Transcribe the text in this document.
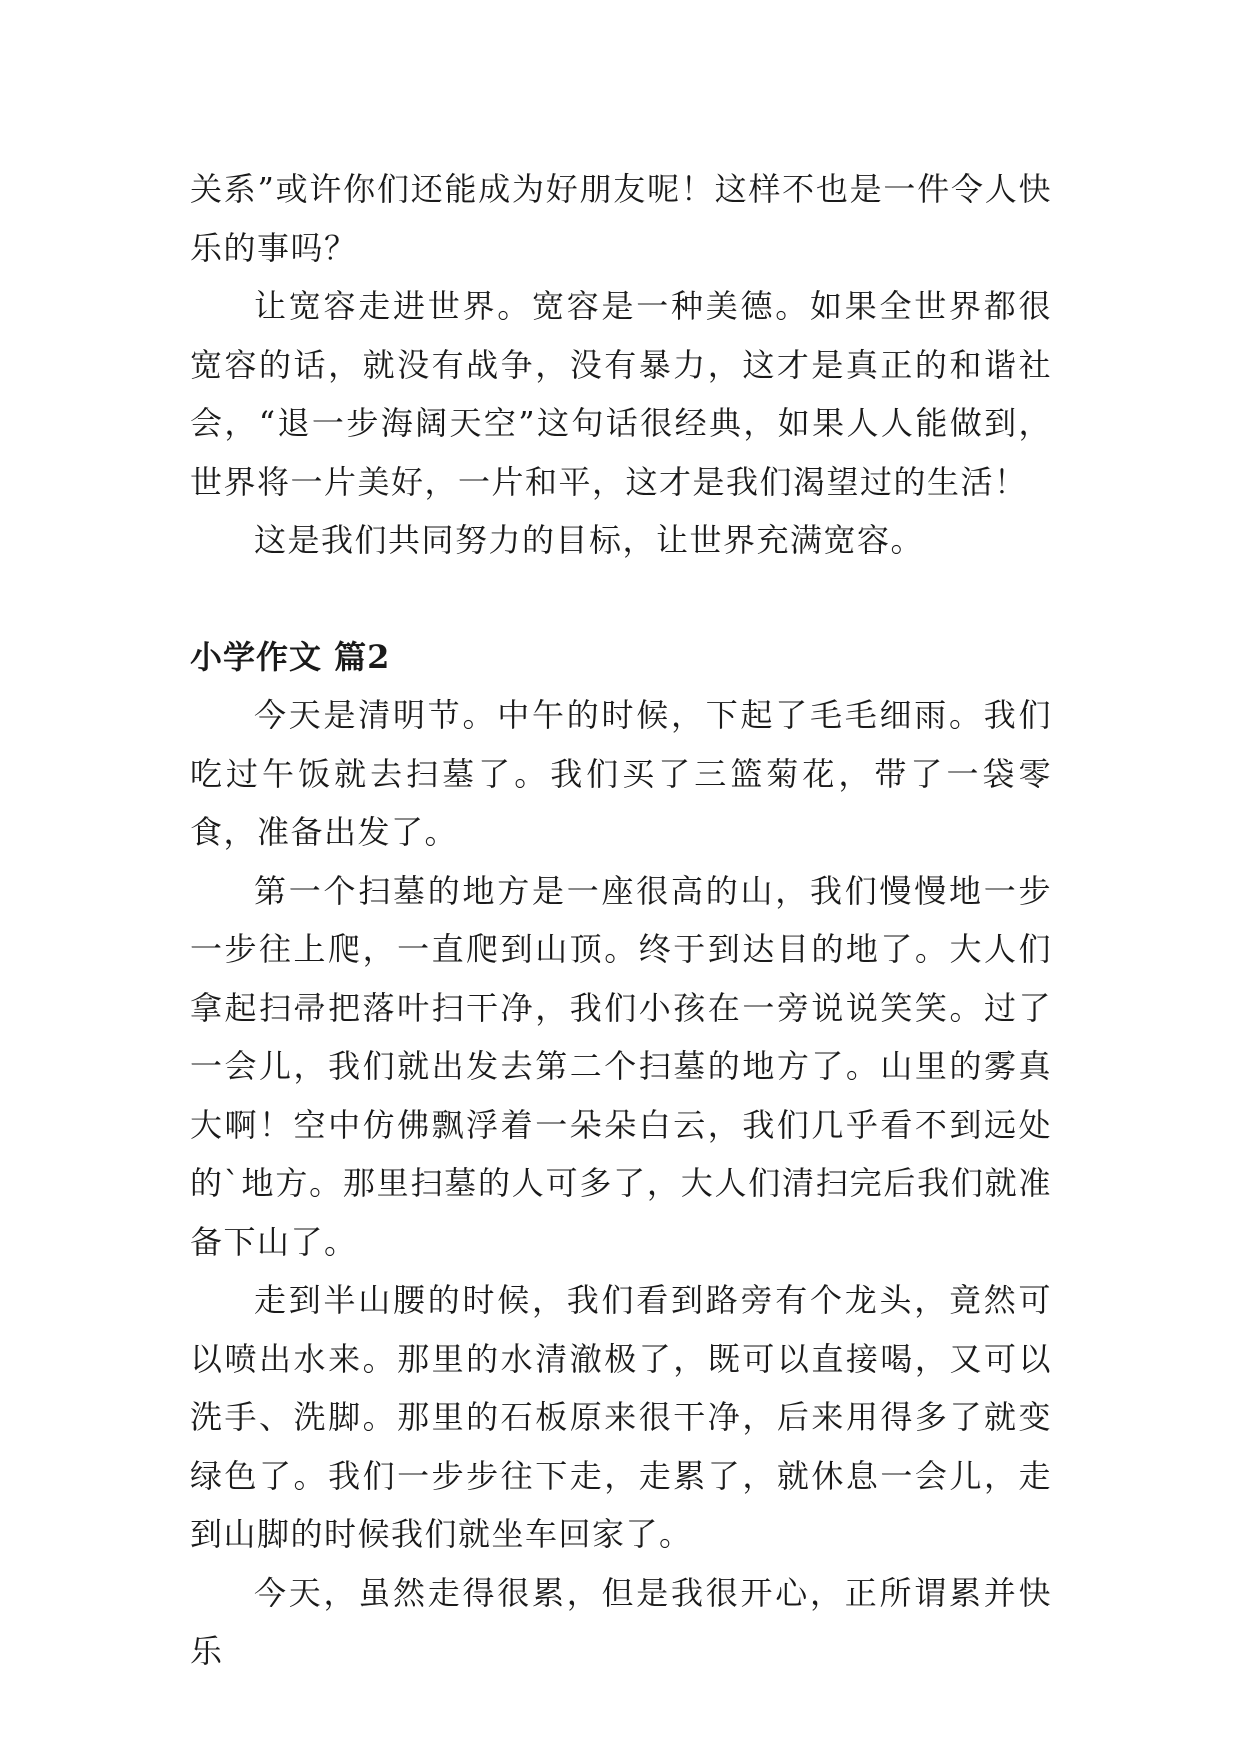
关系”或许你们还能成为好朋友呢！这样不也是一件令人快乐的事吗？

让宽容走进世界。宽容是一种美德。如果全世界都很宽容的话，就没有战争，没有暴力，这才是真正的和谐社会，“退一步海阔天空”这句话很经典，如果人人能做到，世界将一片美好，一片和平，这才是我们渴望过的生活！

这是我们共同努力的目标，让世界充满宽容。

小学作文 篇2

今天是清明节。中午的时候，下起了毛毛细雨。我们吃过午饭就去扫墓了。我们买了三篮菊花，带了一袋零食，准备出发了。

第一个扫墓的地方是一座很高的山，我们慢慢地一步一步往上爬，一直爬到山顶。终于到达目的地了。大人们拿起扫帚把落叶扫干净，我们小孩在一旁说说笑笑。过了一会儿，我们就出发去第二个扫墓的地方了。山里的雾真大啊！空中仿佛飘浮着一朵朵白云，我们几乎看不到远处的`地方。那里扫墓的人可多了，大人们清扫完后我们就准备下山了。

走到半山腰的时候，我们看到路旁有个龙头，竟然可以喷出水来。那里的水清澈极了，既可以直接喝，又可以洗手、洗脚。那里的石板原来很干净，后来用得多了就变绿色了。我们一步步往下走，走累了，就休息一会儿，走到山脚的时候我们就坐车回家了。

今天，虽然走得很累，但是我很开心，正所谓累并快乐
